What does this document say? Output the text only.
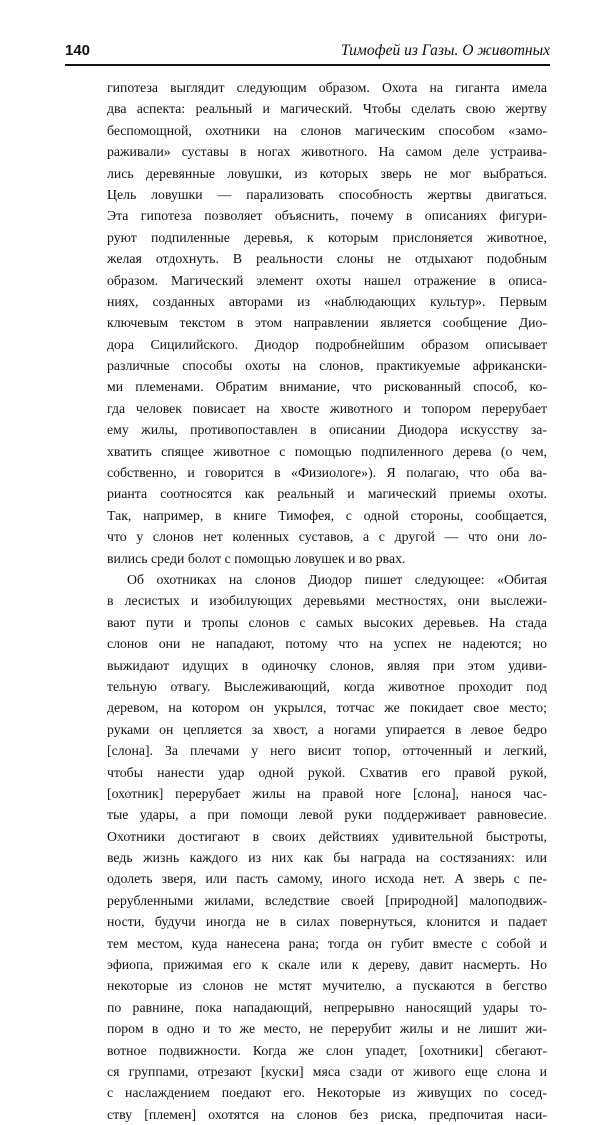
140	Тимофей из Газы. О животных
гипотеза выглядит следующим образом. Охота на гиганта имела
два аспекта: реальный и магический. Чтобы сделать свою жертву
беспомощной, охотники на слонов магическим способом «замо-
раживали» суставы в ногах животного. На самом деле устраива-
лись деревянные ловушки, из которых зверь не мог выбраться.
Цель ловушки — парализовать способность жертвы двигаться.
Эта гипотеза позволяет объяснить, почему в описаниях фигури-
руют подпиленные деревья, к которым прислоняется животное,
желая отдохнуть. В реальности слоны не отдыхают подобным
образом. Магический элемент охоты нашел отражение в описа-
ниях, созданных авторами из «наблюдающих культур». Первым
ключевым текстом в этом направлении является сообщение Дио-
дора Сицилийского. Диодор подробнейшим образом описывает
различные способы охоты на слонов, практикуемые африкански-
ми племенами. Обратим внимание, что рискованный способ, ко-
гда человек повисает на хвосте животного и топором перерубает
ему жилы, противопоставлен в описании Диодора искусству за-
хватить спящее животное с помощью подпиленного дерева (о чем,
собственно, и говорится в «Физиологе»). Я полагаю, что оба ва-
рианта соотносятся как реальный и магический приемы охоты.
Так, например, в книге Тимофея, с одной стороны, сообщается,
что у слонов нет коленных суставов, а с другой — что они ло-
вились среди болот с помощью ловушек и во рвах.
Об охотниках на слонов Диодор пишет следующее: «Обитая
в лесистых и изобилующих деревьями местностях, они выслежи-
вают пути и тропы слонов с самых высоких деревьев. На стада
слонов они не нападают, потому что на успех не надеются; но
выжидают идущих в одиночку слонов, являя при этом удиви-
тельную отвагу. Выслеживающий, когда животное проходит под
деревом, на котором он укрылся, тотчас же покидает свое место;
руками он цепляется за хвост, а ногами упирается в левое бедро
[слона]. За плечами у него висит топор, отточенный и легкий,
чтобы нанести удар одной рукой. Схватив его правой рукой,
[охотник] перерубает жилы на правой ноге [слона], нанося час-
тые удары, а при помощи левой руки поддерживает равновесие.
Охотники достигают в своих действиях удивительной быстроты,
ведь жизнь каждого из них как бы награда на состязаниях: или
одолеть зверя, или пасть самому, иного исхода нет. А зверь с пе-
рерубленными жилами, вследствие своей [природной] малоподвиж-
ности, будучи иногда не в силах повернуться, клонится и падает
тем местом, куда нанесена рана; тогда он губит вместе с собой и
эфиопа, прижимая его к скале или к дереву, давит насмерть. Но
некоторые из слонов не мстят мучителю, а пускаются в бегство
по равнине, пока нападающий, непрерывно наносящий удары то-
пором в одно и то же место, не перерубит жилы и не лишит жи-
вотное подвижности. Когда же слон упадет, [охотники] сбегают-
ся группами, отрезают [куски] мяса сзади от живого еще слона и
с наслаждением поедают его. Некоторые из живущих по сосед-
ству [племен] охотятся на слонов без риска, предпочитая наси-
